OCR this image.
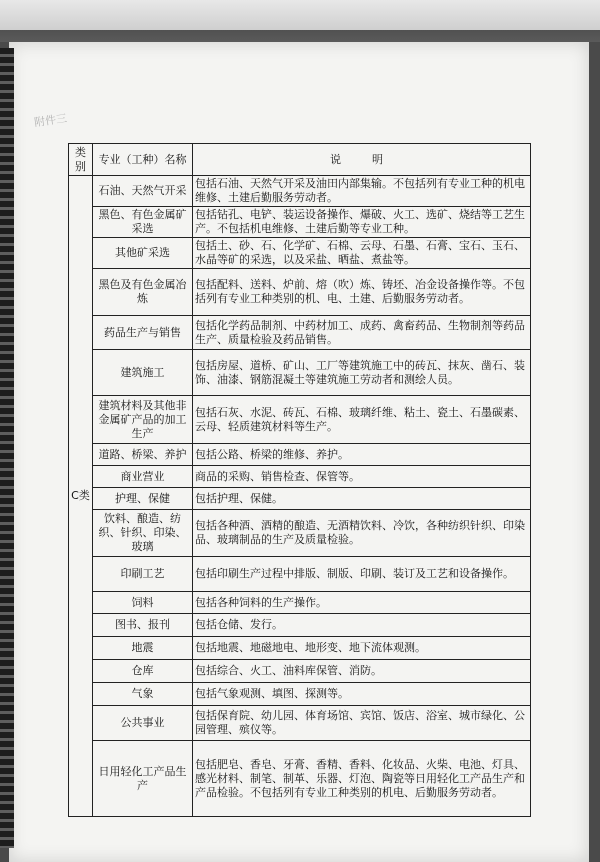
附件三
类别	专业（工种）名称	说　明
C类	石油、天然气开采	包括石油、天然气开采及油田内部集输。不包括列有专业工种的机电维修、土建后勤服务劳动者。
	黑色、有色金属矿采选	包括钻孔、电铲、装运设备操作、爆破、火工、选矿、烧结等工艺生产。不包括机电维修、土建后勤等专业工种。
	其他矿采选	包括土、砂、石、化学矿、石棉、云母、石墨、石膏、宝石、玉石、水晶等矿的采选，以及采盐、晒盐、煮盐等。
	黑色及有色金属冶炼	包括配料、送料、炉前、熔（吹）炼、铸坯、冶金设备操作等。不包括列有专业工种类别的机、电、土建、后勤服务劳动者。
	药品生产与销售	包括化学药品制剂、中药材加工、成药、禽畜药品、生物制剂等药品生产、质量检验及药品销售。
	建筑施工	包括房屋、道桥、矿山、工厂等建筑施工中的砖瓦、抹灰、凿石、装饰、油漆、钢筋混凝土等建筑施工劳动者和测绘人员。
	建筑材料及其他非金属矿产品的加工生产	包括石灰、水泥、砖瓦、石棉、玻璃纤维、粘土、瓷土、石墨碳素、云母、轻质建筑材料等生产。
	道路、桥梁、养护	包括公路、桥梁的维修、养护。
	商业营业	商品的采购、销售检查、保管等。
	护理、保健	包括护理、保健。
	饮料、酿造、纺织、针织、印染、玻璃	包括各种酒、酒精的酿造、无酒精饮料、冷饮，各种纺织针织、印染品、玻璃制品的生产及质量检验。
	印刷工艺	包括印刷生产过程中排版、制版、印刷、装订及工艺和设备操作。
	饲料	包括各种饲料的生产操作。
	图书、报刊	包括仓储、发行。
	地震	包括地震、地磁地电、地形变、地下流体观测。
	仓库	包括综合、火工、油料库保管、消防。
	气象	包括气象观测、填图、探测等。
	公共事业	包括保育院、幼儿园、体育场馆、宾馆、饭店、浴室、城市绿化、公园管理、殡仪等。
	日用轻化工产品生产	包括肥皂、香皂、牙膏、香精、香料、化妆品、火柴、电池、灯具、感光材料、制笔、制革、乐器、灯泡、陶瓷等日用轻化工产品生产和产品检验。不包括列有专业工种类别的机电、后勤服务劳动者。
